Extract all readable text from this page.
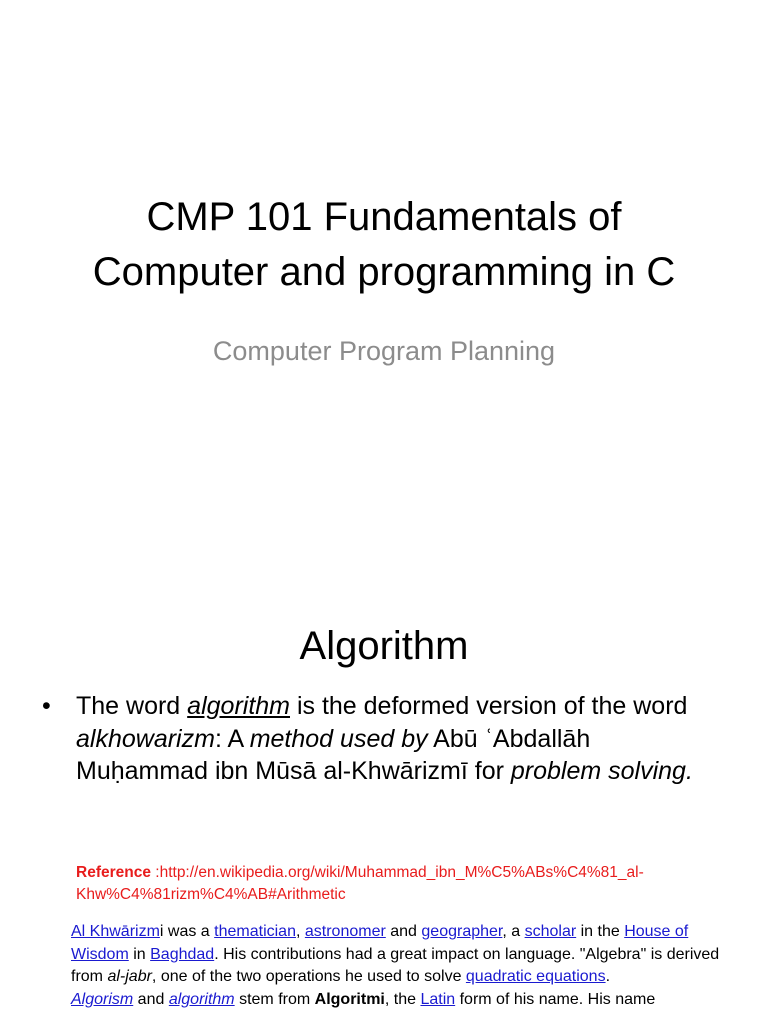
CMP 101 Fundamentals of
Computer and programming in C
Computer Program Planning
Algorithm
• The word algorithm is the deformed version of the word alkhowarizm: A method used by Abū ʿAbdallāh Muḥammad ibn Mūsā al-Khwārizmī for problem solving.
Reference :http://en.wikipedia.org/wiki/Muhammad_ibn_M%C5%ABs%C4%81_al-Khw%C4%81rizm%C4%AB#Arithmetic
Al Khwārizmi was a thematician, astronomer and geographer, a scholar in the House of Wisdom in Baghdad. His contributions had a great impact on language. "Algebra" is derived from al-jabr, one of the two operations he used to solve quadratic equations.
Algorism and algorithm stem from Algoritmi, the Latin form of his name. His name
